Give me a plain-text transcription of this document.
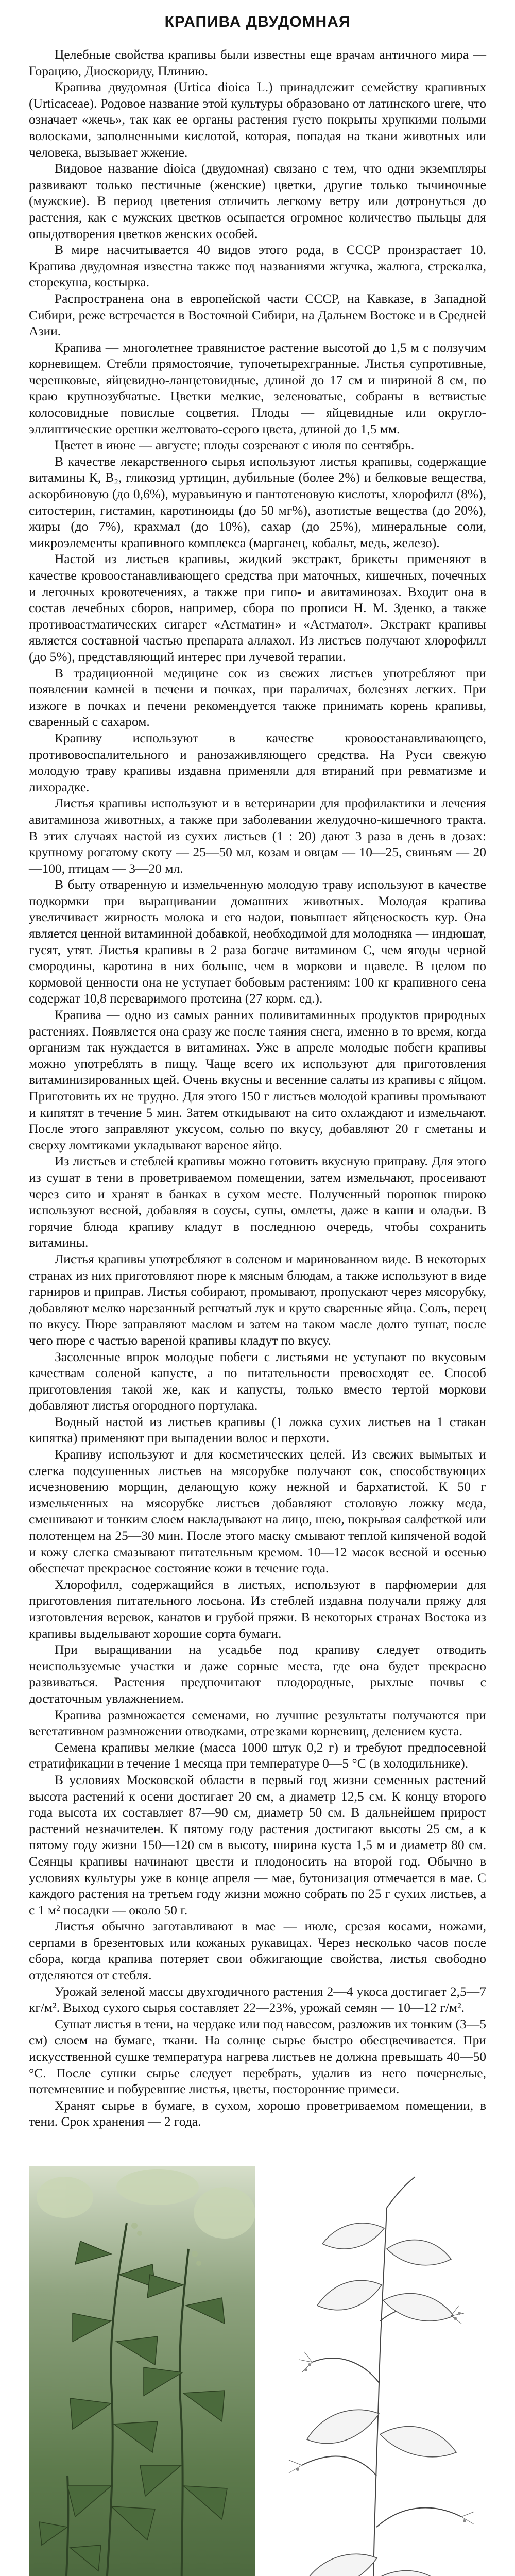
КРАПИВА ДВУДОМНАЯ

Целебные свойства крапивы были известны еще врачам античного мира — Горацию, Диоскориду, Плинию.

Крапива двудомная (Urtica dioica L.) принадлежит семейству крапивных (Urticaceae). Родовое название этой культуры образовано от латинского urere, что означает «жечь», так как ее органы растения густо покрыты хрупкими полыми волосками, заполненными кислотой, которая, попадая на ткани животных или человека, вызывает жжение.

Видовое название dioica (двудомная) связано с тем, что одни экземпляры развивают только пестичные (женские) цветки, другие только тычиночные (мужские). В период цветения отличить легкому ветру или дотронуться до растения, как с мужских цветков осыпается огромное количество пыльцы для опыдотворения цветков женских особей.

В мире насчитывается 40 видов этого рода, в СССР произрастает 10. Крапива двудомная известна также под названиями жгучка, жалюга, стрекалка, сторекуша, костырка.

Распространена она в европейской части СССР, на Кавказе, в Западной Сибири, реже встречается в Восточной Сибири, на Дальнем Востоке и в Средней Азии.

Крапива — многолетнее травянистое растение высотой до 1,5 м с ползучим корневищем. Стебли прямостоячие, тупочетырехгранные. Листья супротивные, черешковые, яйцевидно-ланцетовидные, длиной до 17 см и шириной 8 см, по краю крупнозубчатые. Цветки мелкие, зеленоватые, собраны в ветвистые колосовидные повислые соцветия. Плоды — яйцевидные или округло-эллиптические орешки желтовато-серого цвета, длиной до 1,5 мм.

Цветет в июне — августе; плоды созревают с июля по сентябрь.

В качестве лекарственного сырья используют листья крапивы, содержащие витамины К, B₂, гликозид уртицин, дубильные (более 2%) и белковые вещества, аскорбиновую (до 0,6%), муравьиную и пантотеновую кислоты, хлорофилл (8%), ситостерин, гистамин, каротиноиды (до 50 мг%), азотистые вещества (до 20%), жиры (до 7%), крахмал (до 10%), сахар (до 25%), минеральные соли, микроэлементы крапивного комплекса (марганец, кобальт, медь, железо).

Настой из листьев крапивы, жидкий экстракт, брикеты применяют в качестве кровоостанавливающего средства при маточных, кишечных, почечных и легочных кровотечениях, а также при гипо- и авитаминозах. Входит она в состав лечебных сборов, например, сбора по прописи Н. М. Зденко, а также противоастматических сигарет «Астматин» и «Астматол». Экстракт крапивы является составной частью препарата аллахол. Из листьев получают хлорофилл (до 5%), представляющий интерес при лучевой терапии.

В традиционной медицине сок из свежих листьев употребляют при появлении камней в печени и почках, при параличах, болезнях легких. При изжоге в почках и печени рекомендуется также принимать корень крапивы, сваренный с сахаром.

Крапиву используют в качестве кровоостанавливающего, противовоспалительного и ранозаживляющего средства. На Руси свежую молодую траву крапивы издавна применяли для втираний при ревматизме и лихорадке.

Листья крапивы используют и в ветеринарии для профилактики и лечения авитаминоза животных, а также при заболевании желудочно-кишечного тракта. В этих случаях настой из сухих листьев (1 : 20) дают 3 раза в день в дозах: крупному рогатому скоту — 25—50 мл, козам и овцам — 10—25, свиньям — 20—100, птицам — 3—20 мл.

В быту отваренную и измельченную молодую траву используют в качестве подкормки при выращивании домашних животных. Молодая крапива увеличивает жирность молока и его надои, повышает яйценоскость кур. Она является ценной витаминной добавкой, необходимой для молодняка — индюшат, гусят, утят. Листья крапивы в 2 раза богаче витамином С, чем ягоды черной смородины, каротина в них больше, чем в моркови и щавеле. В целом по кормовой ценности она не уступает бобовым растениям: 100 кг крапивного сена содержат 10,8 переваримого протеина (27 корм. ед.).

Крапива — одно из самых ранних поливитаминных продуктов природных растениях. Появляется она сразу же после таяния снега, именно в то время, когда организм так нуждается в витаминах. Уже в апреле молодые побеги крапивы можно употреблять в пищу. Чаще всего их используют для приготовления витаминизированных щей. Очень вкусны и весенние салаты из крапивы с яйцом. Приготовить их не трудно. Для этого 150 г листьев молодой крапивы промывают и кипятят в течение 5 мин. Затем откидывают на сито охлаждают и измельчают. После этого заправляют уксусом, солью по вкусу, добавляют 20 г сметаны и сверху ломтиками укладывают вареное яйцо.

Из листьев и стеблей крапивы можно готовить вкусную приправу. Для этого из сушат в тени в проветриваемом помещении, затем измельчают, просеивают через сито и хранят в банках в сухом месте. Полученный порошок широко используют весной, добавляя в соусы, супы, омлеты, даже в каши и оладьи. В горячие блюда крапиву кладут в последнюю очередь, чтобы сохранить витамины.

Листья крапивы употребляют в соленом и маринованном виде. В некоторых странах из них приготовляют пюре к мясным блюдам, а также используют в виде гарниров и приправ. Листья собирают, промывают, пропускают через мясорубку, добавляют мелко нарезанный репчатый лук и круто сваренные яйца. Соль, перец по вкусу. Пюре заправляют маслом и затем на таком масле долго тушат, после чего пюре с частью вареной крапивы кладут по вкусу.

Засоленные впрок молодые побеги с листьями не уступают по вкусовым качествам соленой капусте, а по питательности превосходят ее. Способ приготовления такой же, как и капусты, только вместо тертой моркови добавляют листья огородного портулака.

Водный настой из листьев крапивы (1 ложка сухих листьев на 1 стакан кипятка) применяют при выпадении волос и перхоти.

Крапиву используют и для косметических целей. Из свежих вымытых и слегка подсушенных листьев на мясорубке получают сок, способствующих исчезновению морщин, делающую кожу нежной и бархатистой. К 50 г измельченных на мясорубке листьев добавляют столовую ложку меда, смешивают и тонким слоем накладывают на лицо, шею, покрывая салфеткой или полотенцем на 25—30 мин. После этого маску смывают теплой кипяченой водой и кожу слегка смазывают питательным кремом. 10—12 масок весной и осенью обеспечат прекрасное состояние кожи в течение года.

Хлорофилл, содержащийся в листьях, используют в парфюмерии для приготовления питательного лосьона. Из стеблей издавна получали пряжу для изготовления веревок, канатов и грубой пряжи. В некоторых странах Востока из крапивы выделывают хорошие сорта бумаги.

При выращивании на усадьбе под крапиву следует отводить неиспользуемые участки и даже сорные места, где она будет прекрасно развиваться. Растения предпочитают плодородные, рыхлые почвы с достаточным увлажнением.

Крапива размножается семенами, но лучшие результаты получаются при вегетативном размножении отводками, отрезками корневищ, делением куста.

Семена крапивы мелкие (масса 1000 штук 0,2 г) и требуют предпосевной стратификации в течение 1 месяца при температуре 0—5 °C (в холодильнике).

В условиях Московской области в первый год жизни семенных растений высота растений к осени достигает 20 см, а диаметр 12,5 см. К концу второго года высота их составляет 87—90 см, диаметр 50 см. В дальнейшем прирост растений незначителен. К пятому году растения достигают высоты 25 см, а к пятому году жизни 150—120 см в высоту, ширина куста 1,5 м и диаметр 80 см. Сеянцы крапивы начинают цвести и плодоносить на второй год. Обычно в условиях культуры уже в конце апреля — мае, бутонизация отмечается в мае. С каждого растения на третьем году жизни можно собрать по 25 г сухих листьев, а с 1 м² посадки — около 50 г.

Листья обычно заготавливают в мае — июле, срезая косами, ножами, серпами в брезентовых или кожаных рукавицах. Через несколько часов после сбора, когда крапива потеряет свои обжигающие свойства, листья свободно отделяются от стебля.

Урожай зеленой массы двухгодичного растения 2—4 укоса достигает 2,5—7 кг/м². Выход сухого сырья составляет 22—23%, урожай семян — 10—12 г/м².

Сушат листья в тени, на чердаке или под навесом, разложив их тонким (3—5 см) слоем на бумаге, ткани. На солнце сырье быстро обесцвечивается. При искусственной сушке температура нагрева листьев не должна превышать 40—50 °C. После сушки сырье следует перебрать, удалив из него почернелые, потемневшие и побуревшие листья, цветы, посторонние примеси.

Хранят сырье в бумаге, в сухом, хорошо проветриваемом помещении, в тени. Срок хранения — 2 года.
